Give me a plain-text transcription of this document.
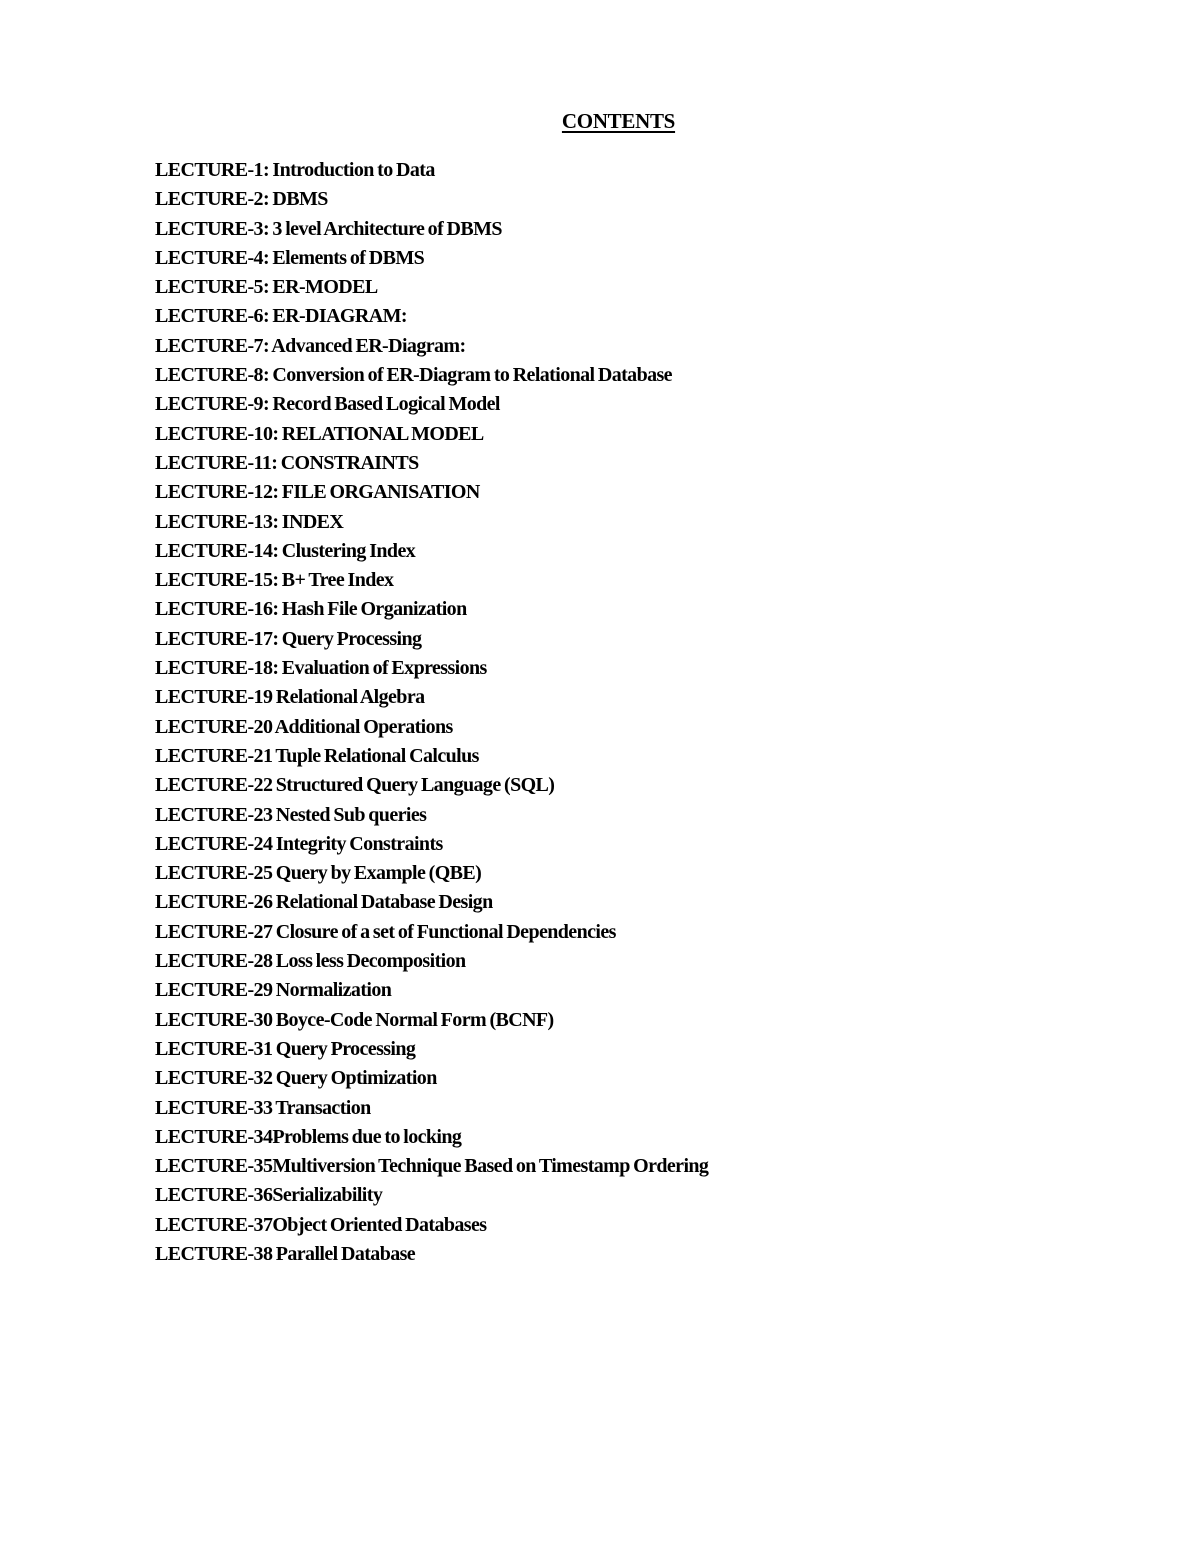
CONTENTS
LECTURE-1: Introduction to Data
LECTURE-2: DBMS
LECTURE-3: 3 level Architecture of DBMS
LECTURE-4: Elements of DBMS
LECTURE-5: ER-MODEL
LECTURE-6: ER-DIAGRAM:
LECTURE-7: Advanced ER-Diagram:
LECTURE-8: Conversion of ER-Diagram to Relational Database
LECTURE-9: Record Based Logical Model
LECTURE-10: RELATIONAL MODEL
LECTURE-11: CONSTRAINTS
LECTURE-12: FILE ORGANISATION
LECTURE-13: INDEX
LECTURE-14: Clustering Index
LECTURE-15: B+ Tree Index
LECTURE-16: Hash File Organization
LECTURE-17: Query Processing
LECTURE-18: Evaluation of Expressions
LECTURE-19 Relational Algebra
LECTURE-20 Additional Operations
LECTURE-21 Tuple Relational Calculus
LECTURE-22 Structured Query Language (SQL)
LECTURE-23 Nested Sub queries
LECTURE-24 Integrity Constraints
LECTURE-25 Query by Example (QBE)
LECTURE-26 Relational Database Design
LECTURE-27 Closure of a set of Functional Dependencies
LECTURE-28 Loss less Decomposition
LECTURE-29 Normalization
LECTURE-30 Boyce-Code Normal Form (BCNF)
LECTURE-31 Query Processing
LECTURE-32 Query Optimization
LECTURE-33 Transaction
LECTURE-34Problems due to locking
LECTURE-35Multiversion Technique Based on Timestamp Ordering
LECTURE-36Serializability
LECTURE-37Object Oriented Databases
LECTURE-38 Parallel Database
